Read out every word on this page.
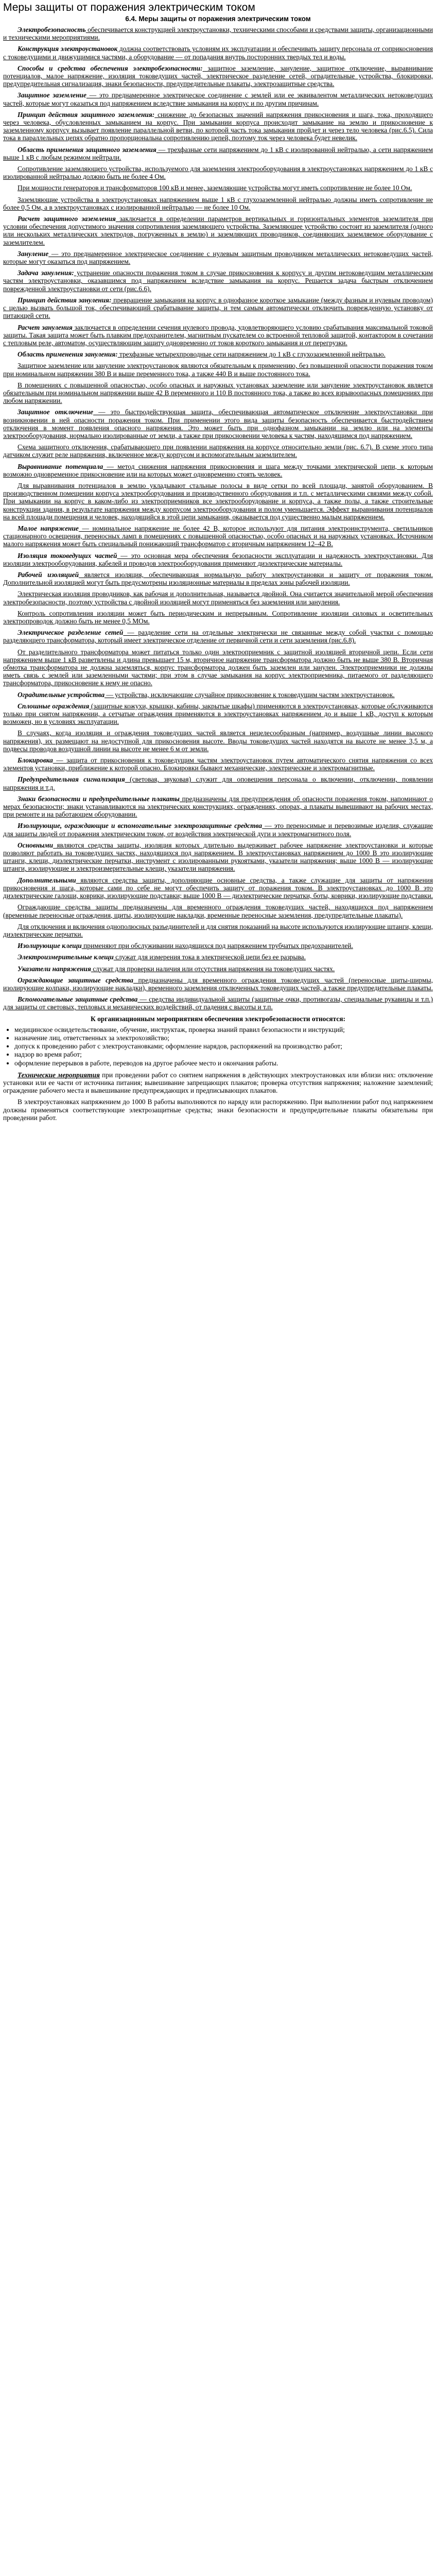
Меры защиты от поражения электрическим током
6.4. Меры защиты от поражения электрическим током

Электробезопасность обеспечивается конструкцией электроустановки, техническими способами и средствами защиты, организационными и техническими мероприятиями.

Конструкция электроустановок должна соответствовать условиям их эксплуатации и обеспечивать защиту персонала от соприкосновения с токоведущими и движущимися частями, а оборудование — от попадания внутрь посторонних твердых тел и воды.

Способы и средства обеспечения электробезопасности: защитное заземление, зануление, защитное отключение, выравнивание потенциалов, малое напряжение, изоляция токоведущих частей, электрическое разделение сетей, оградительные устройства, блокировки, предупредительная сигнализация, знаки безопасности, предупредительные плакаты, электрозащитные средства.

Защитное заземление — это преднамеренное электрическое соединение с землей или ее эквивалентом металлических нетоковедущих частей, которые могут оказаться под напряжением вследствие замыкания на корпус и по другим причинам.

Принцип действия защитного заземления: снижение до безопасных значений напряжения прикосновения и шага, тока, проходящего через человека, обусловленных замыканием на корпус. При замыкании корпуса происходит замыкание на землю и прикосновение к заземленному корпусу вызывает появление параллельной ветви, по которой часть тока замыкания пройдет и через тело человека (рис.6.5). Сила тока в параллельных цепях обратно пропорциональна сопротивлению цепей, поэтому ток через человека будет невелик.

Область применения защитного заземления — трехфазные сети напряжением до 1 кВ с изолированной нейтралью, а сети напряжением выше 1 кВ с любым режимом нейтрали.

Сопротивление заземляющего устройства, используемого для заземления электрооборудования в электроустановках напряжением до 1 кВ с изолированной нейтралью должно быть не более 4 Ом.

При мощности генераторов и трансформаторов 100 кВ и менее, заземляющие устройства могут иметь сопротивление не более 10 Ом.

Заземляющие устройства в электроустановках напряжением выше 1 кВ с глухозаземленной нейтралью должны иметь сопротивление не более 0,5 Ом, а в электроустановках с изолированной нейтралью — не более 10 Ом.

Расчет защитного заземления заключается в определении параметров вертикальных и горизонтальных элементов заземлителя при условии обеспечения допустимого значения сопротивления заземляющего устройства. Заземляющее устройство состоит из заземлителя (одного или нескольких металлических электродов, погруженных в землю) и заземляющих проводников, соединяющих заземляемое оборудование с заземлителем.

Зануление — это преднамеренное электрическое соединение с нулевым защитным проводником металлических нетоковедущих частей, которые могут оказаться под напряжением.

Задача зануления: устранение опасности поражения током в случае прикосновения к корпусу и другим нетоковедущим металлическим частям электроустановки, оказавшимся под напряжением вследствие замыкания на корпус. Решается задача быстрым отключением поврежденной электроустановки от сети (рис.6.6).

Принцип действия зануления: превращение замыкания на корпус в однофазное короткое замыкание (между фазным и нулевым проводом) с целью вызвать большой ток, обеспечивающий срабатывание защиты, и тем самым автоматически отключить поврежденную установку от питающей сети.

Расчет зануления заключается в определении сечения нулевого провода, удовлетворяющего условию срабатывания максимальной токовой защиты. Такая защита может быть плавким предохранителем, магнитным пускателем со встроенной тепловой защитой, контактором в сочетании с тепловым реле, автоматом, осуществляющим защиту одновременно от токов короткого замыкания и от перегрузки.

Область применения зануления: трехфазные четырехпроводные сети напряжением до 1 кВ с глухозаземленной нейтралью.

Защитное заземление или зануление электроустановок являются обязательным к применению, без повышенной опасности поражения током при номинальном напряжении 380 В и выше переменного тока, а также 440 В и выше постоянного тока.

В помещениях с повышенной опасностью, особо опасных и наружных установках заземление или зануление электроустановок является обязательным при номинальном напряжении выше 42 В переменного и 110 В постоянного тока, а также во всех взрывоопасных помещениях при любом напряжении.

Защитное отключение — это быстродействующая защита, обеспечивающая автоматическое отключение электроустановки при возникновении в ней опасности поражения током. При применении этого вида защиты безопасность обеспечивается быстродействием отключения в момент появления опасного напряжения. Это может быть при однофазном замыкании на землю или на элементы электрооборудования, нормально изолированные от земли, а также при прикосновении человека к частям, находящимся под напряжением.

Схема защитного отключения, срабатывающего при появлении напряжения на корпусе относительно земли (рис. 6.7). В схеме этого типа датчиком служит реле напряжения, включенное между корпусом и вспомогательным заземлителем.

Выравнивание потенциала — метод снижения напряжения прикосновения и шага между точками электрической цепи, к которым возможно одновременное прикосновение или на которых может одновременно стоять человек.

Для выравнивания потенциалов в землю укладывают стальные полосы в виде сетки по всей площади, занятой оборудованием. В производственном помещении корпуса электрооборудования и производственного оборудования и т.п. с металлическими связями между собой. При замыкании на корпус в каком-либо из электроприемников все электрооборудование и корпуса, а также полы, а также строительные конструкции здания, в результате напряжения между корпусом электрооборудования и полом уменьшается. Эффект выравнивания потенциалов на всей площади помещения и человек, находящийся в этой цепи замыкания, оказывается под существенно малым напряжением.

Малое напряжение — номинальное напряжение не более 42 В, которое используют для питания электроинструмента, светильников стационарного освещения, переносных ламп в помещениях с повышенной опасностью, особо опасных и на наружных установках. Источником малого напряжения может быть специальный понижающий трансформатор с вторичным напряжением 12–42 В.

Изоляция токоведущих частей — это основная мера обеспечения безопасности эксплуатации и надежность электроустановки. Для изоляции электрооборудования, кабелей и проводов электрооборудования применяют диэлектрические материалы.

Рабочей изоляцией является изоляция, обеспечивающая нормальную работу электроустановки и защиту от поражения током. Дополнительной изоляцией могут быть предусмотрены изоляционные материалы в пределах зоны рабочей изоляции.

Электрическая изоляция проводников, как рабочая и дополнительная, называется двойной. Она считается значительной мерой обеспечения электробезопасности, поэтому устройства с двойной изоляцией могут применяться без заземления или зануления.

Контроль сопротивления изоляции может быть периодическим и непрерывным. Сопротивление изоляции силовых и осветительных электропроводок должно быть не менее 0,5 МОм.

Электрическое разделение сетей — разделение сети на отдельные электрически не связанные между собой участки с помощью разделяющего трансформатора, который имеет электрическое отделение от первичной сети и сети заземления (рис.6.8).

От разделительного трансформатора может питаться только один электроприемник с защитной изоляцией вторичной цепи. Если сети напряжением выше 1 кВ разветвлены и длина превышает 15 м, вторичное напряжение трансформатора должно быть не выше 380 В. Вторичная обмотка трансформатора не должна заземляться, корпус трансформатора должен быть заземлен или занулен. Электроприемники не должны иметь связь с землей или заземленными частями; при этом в случае замыкания на корпус электроприемника, питаемого от разделяющего трансформатора, прикосновение к нему не опасно.

Оградительные устройства — устройства, исключающие случайное прикосновение к токоведущим частям электроустановок.

Сплошные ограждения (защитные кожухи, крышки, кабины, закрытые шкафы) применяются в электроустановках, которые обслуживаются только при снятом напряжении, а сетчатые ограждения применяются в электроустановках напряжением до и выше 1 кВ, доступ к которым возможен, но в условиях эксплуатации.

В случаях, когда изоляция и ограждения токоведущих частей является нецелесообразным (например, воздушные линии высокого напряжения), их размещают на недоступной для прикосновения высоте. Вводы токоведущих частей находятся на высоте не менее 3,5 м, а подвесы проводов воздушной линии на высоте не менее 6 м от земли.

Блокировка — защита от прикосновения к токоведущим частям электроустановок путем автоматического снятия напряжения со всех элементов установки, приближение к которой опасно. Блокировки бывают механические, электрические и электромагнитные.

Предупредительная сигнализация (световая, звуковая) служит для оповещения персонала о включении, отключении, появлении напряжения и т.д.

Знаки безопасности и предупредительные плакаты предназначены для предупреждения об опасности поражения током, напоминают о мерах безопасности; знаки устанавливаются на электрических конструкциях, ограждениях, опорах, а плакаты вывешивают на рабочих местах, при ремонте и на работающем оборудовании.

Изолирующие, ограждающие и вспомогательные электрозащитные средства — это переносимые и перевозимые изделия, служащие для защиты людей от поражения электрическим током, от воздействия электрической дуги и электромагнитного поля.

Основными являются средства защиты, изоляция которых длительно выдерживает рабочее напряжение электроустановки и которые позволяют работать на токоведущих частях, находящихся под напряжением. В электроустановках напряжением до 1000 В это изолирующие штанги, клещи, диэлектрические перчатки, инструмент с изолированными рукоятками, указатели напряжения; выше 1000 В — изолирующие штанги, изолирующие и электроизмерительные клещи, указатели напряжения.

Дополнительными являются средства защиты, дополняющие основные средства, а также служащие для защиты от напряжения прикосновения и шага, которые сами по себе не могут обеспечить защиту от поражения током. В электроустановках до 1000 В это диэлектрические галоши, коврики, изолирующие подставки; выше 1000 В — диэлектрические перчатки, боты, коврики, изолирующие подставки.

Ограждающие средства защиты предназначены для временного ограждения токоведущих частей, находящихся под напряжением (временные переносные ограждения, щиты, изолирующие накладки, временные переносные заземления, предупредительные плакаты).

Для отключения и включения однополюсных разъединителей и для снятия показаний на высоте используются изолирующие штанги, клещи, диэлектрические перчатки.

Изолирующие клещи применяют при обслуживании находящихся под напряжением трубчатых предохранителей.

Электроизмерительные клещи служат для измерения тока в электрической цепи без ее разрыва.

Указатели напряжения служат для проверки наличия или отсутствия напряжения на токоведущих частях.

Ограждающие защитные средства предназначены для временного ограждения токоведущих частей (переносные щиты-ширмы, изолирующие колпаки, изолирующие накладки), временного заземления отключенных токоведущих частей, а также предупредительные плакаты.

Вспомогательные защитные средства — средства индивидуальной защиты (защитные очки, противогазы, специальные рукавицы и т.п.) для защиты от световых, тепловых и механических воздействий, от падения с высоты и т.п.

К организационным мероприятиям обеспечения электробезопасности относятся:
• медицинское освидетельствование, обучение, инструктаж, проверка знаний правил безопасности и инструкций;
• назначение лиц, ответственных за электрохозяйство;
• допуск к проведению работ с электроустановками; оформление нарядов, распоряжений на производство работ;
• надзор во время работ;
• оформление перерывов в работе, переводов на другое рабочее место и окончания работы.

Технические мероприятия при проведении работ со снятием напряжения в действующих электроустановках или вблизи них: отключение установки или ее части от источника питания; вывешивание запрещающих плакатов; проверка отсутствия напряжения; наложение заземлений; ограждение рабочего места и вывешивание предупреждающих и предписывающих плакатов.

В электроустановках напряжением до 1000 В работы выполняются по наряду или распоряжению. При выполнении работ под напряжением должны применяться соответствующие электрозащитные средства; знаки безопасности и предупредительные плакаты обязательны при проведении работ.
